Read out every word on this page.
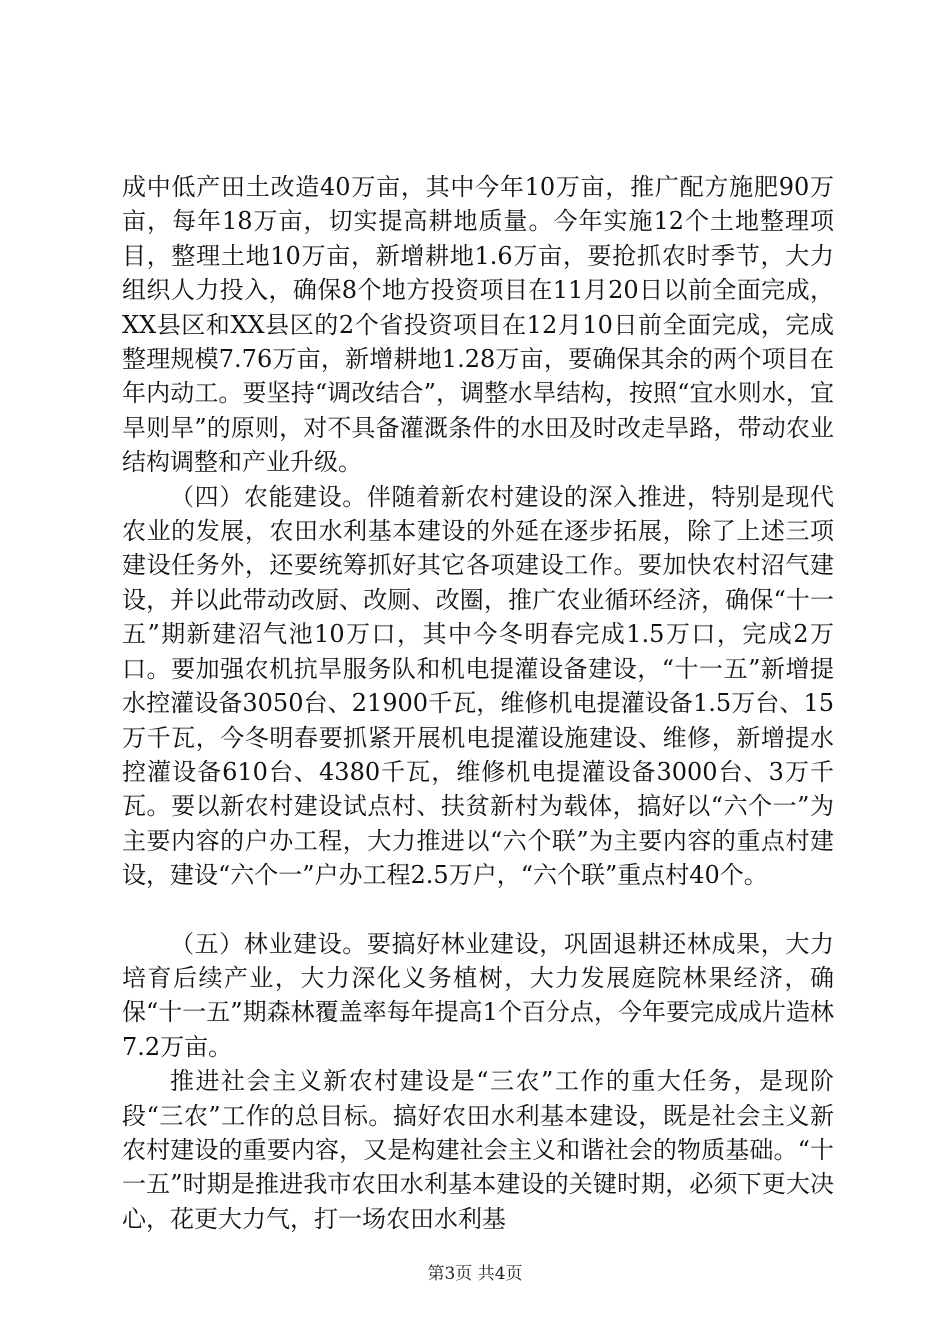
成中低产田土改造40万亩，其中今年10万亩，推广配方施肥90万亩，每年18万亩，切实提高耕地质量。今年实施12个土地整理项目，整理土地10万亩，新增耕地1.6万亩，要抢抓农时季节，大力组织人力投入，确保8个地方投资项目在11月20日以前全面完成，XX县区和XX县区的2个省投资项目在12月10日前全面完成，完成整理规模7.76万亩，新增耕地1.28万亩，要确保其余的两个项目在年内动工。要坚持“调改结合”，调整水旱结构，按照“宜水则水，宜旱则旱”的原则，对不具备灌溉条件的水田及时改走旱路，带动农业结构调整和产业升级。

（四）农能建设。伴随着新农村建设的深入推进，特别是现代农业的发展，农田水利基本建设的外延在逐步拓展，除了上述三项建设任务外，还要统筹抓好其它各项建设工作。要加快农村沼气建设，并以此带动改厨、改厕、改圈，推广农业循环经济，确保“十一五”期新建沼气池10万口，其中今冬明春完成1.5万口，完成2万口。要加强农机抗旱服务队和机电提灌设备建设，“十一五”新增提水控灌设备3050台、21900千瓦，维修机电提灌设备1.5万台、15万千瓦，今冬明春要抓紧开展机电提灌设施建设、维修，新增提水控灌设备610台、4380千瓦，维修机电提灌设备3000台、3万千瓦。要以新农村建设试点村、扶贫新村为载体，搞好以“六个一”为主要内容的户办工程，大力推进以“六个联”为主要内容的重点村建设，建设“六个一”户办工程2.5万户，“六个联”重点村40个。

（五）林业建设。要搞好林业建设，巩固退耕还林成果，大力培育后续产业，大力深化义务植树，大力发展庭院林果经济，确保“十一五”期森林覆盖率每年提高1个百分点，今年要完成成片造林7.2万亩。

推进社会主义新农村建设是“三农”工作的重大任务，是现阶段“三农”工作的总目标。搞好农田水利基本建设，既是社会主义新农村建设的重要内容，又是构建社会主义和谐社会的物质基础。“十一五”时期是推进我市农田水利基本建设的关键时期，必须下更大决心，花更大力气，打一场农田水利基

第3页 共4页
